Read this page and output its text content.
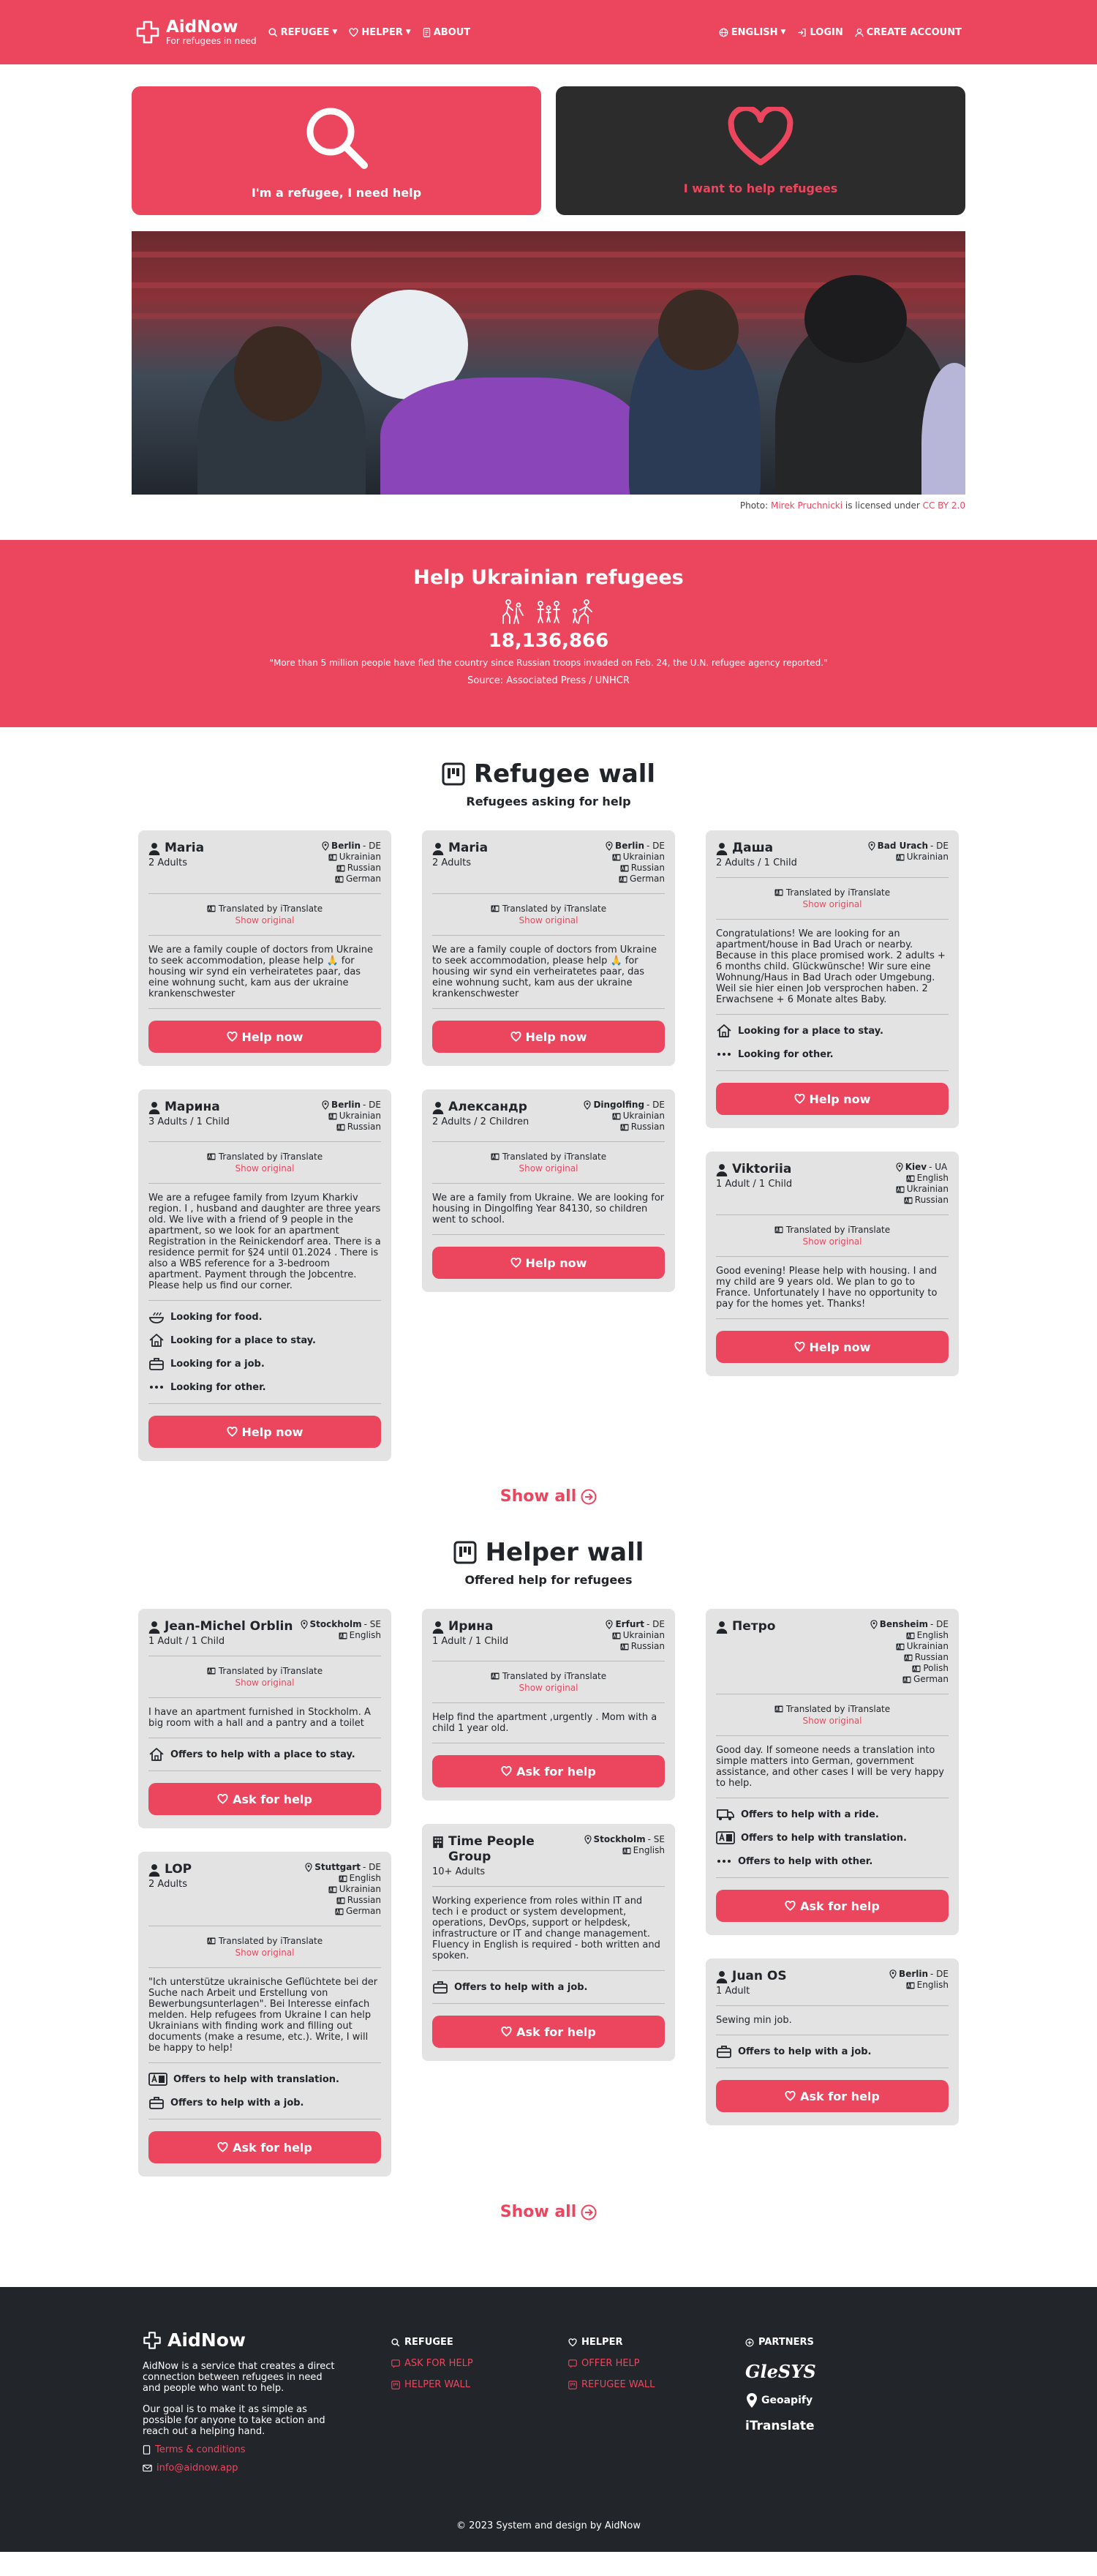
AidNow
For refugees in need
REFUGEE ▼	HELPER ▼ ABOUT	ENGLISH ▼	LOGIN CREATE ACCOUNT
I'm a refugee, I need help	I want to help refugees
Photo: Mirek Pruchnicki is licensed under CC BY 2.0
Help Ukrainian refugees
18,136,866
"More than 5 million people have fled the country since Russian troops invaded on Feb. 24, the U.N. refugee agency reported."
Source: Associated Press / UNHCR
Refugee wall
Refugees asking for help
Maria
2 Adults
Berlin - DE
Ukrainian
Russian
German
Translated by iTranslate
Show original
We are a family couple of doctors from Ukraine to seek accommodation, please help 🙏 for housing wir synd ein verheiratetes paar, das eine wohnung sucht, kam aus der ukraine krankenschwester
Help now
Марина
3 Adults / 1 Child
Berlin - DE
Ukrainian
Russian
Translated by iTranslate
Show original
We are a refugee family from Izyum Kharkiv region. I , husband and daughter are three years old. We live with a friend of 9 people in the apartment, so we look for an apartment Registration in the Reinickendorf area. There is a residence permit for §24 until 01.2024 . There is also a WBS reference for a 3-bedroom apartment. Payment through the Jobcentre. Please help us find our corner.
Looking for food.
Looking for a place to stay.
Looking for a job.
Looking for other.
Help now
Maria
2 Adults
Berlin - DE
Ukrainian
Russian
German
Translated by iTranslate
Show original
We are a family couple of doctors from Ukraine to seek accommodation, please help 🙏 for housing wir synd ein verheiratetes paar, das eine wohnung sucht, kam aus der ukraine krankenschwester
Help now
Александр
2 Adults / 2 Children
Dingolfing - DE
Ukrainian
Russian
Translated by iTranslate
Show original
We are a family from Ukraine. We are looking for housing in Dingolfing Year 84130, so children went to school.
Help now
Даша
2 Adults / 1 Child
Bad Urach - DE
Ukrainian
Translated by iTranslate
Show original
Congratulations! We are looking for an apartment/house in Bad Urach or nearby. Because in this place promised work. 2 adults + 6 months child. Glückwünsche! Wir sure eine Wohnung/Haus in Bad Urach oder Umgebung. Weil sie hier einen Job versprochen haben. 2 Erwachsene + 6 Monate altes Baby.
Looking for a place to stay.
Looking for other.
Help now
Viktoriia
1 Adult / 1 Child
Kiev - UA
English
Ukrainian
Russian
Translated by iTranslate
Show original
Good evening! Please help with housing. I and my child are 9 years old. We plan to go to France. Unfortunately I have no opportunity to pay for the homes yet. Thanks!
Help now
Show all
Helper wall
Offered help for refugees
Jean-Michel Orblin
1 Adult / 1 Child
Stockholm - SE
English
Translated by iTranslate
Show original
I have an apartment furnished in Stockholm. A big room with a hall and a pantry and a toilet
Offers to help with a place to stay.
Ask for help
LOP
2 Adults
Stuttgart - DE
English
Ukrainian
Russian
German
Translated by iTranslate
Show original
"Ich unterstütze ukrainische Geflüchtete bei der Suche nach Arbeit und Erstellung von Bewerbungsunterlagen". Bei Interesse einfach melden. Help refugees from Ukraine I can help Ukrainians with finding work and filling out documents (make a resume, etc.). Write, I will be happy to help!
Offers to help with translation.
Offers to help with a job.
Ask for help
Ирина
1 Adult / 1 Child
Erfurt - DE
Ukrainian
Russian
Translated by iTranslate
Show original
Help find the apartment ,urgently . Mom with a child 1 year old.
Ask for help
Time People Group
10+ Adults
Stockholm - SE
English
Working experience from roles within IT and tech i e product or system development, operations, DevOps, support or helpdesk, infrastructure or IT and change management. Fluency in English is required - both written and spoken.
Offers to help with a job.
Ask for help
Петро	Bensheim - DE
English
Ukrainian
Russian
Polish
German
Translated by iTranslate
Show original
Good day. If someone needs a translation into simple matters into German, government assistance, and other cases I will be very happy to help.
Offers to help with a ride.
Offers to help with translation.
Offers to help with other.
Ask for help
Juan OS
1 Adult
Berlin - DE
English
Sewing min job.
Offers to help with a job.
Ask for help
Show all
AidNow
AidNow is a service that creates a direct connection between refugees in need and people who want to help.
Our goal is to make it as simple as possible for anyone to take action and reach out a helping hand.
Terms & conditions
info@aidnow.app
REFUGEE
ASK FOR HELP
HELPER WALL
HELPER
OFFER HELP
REFUGEE WALL
PARTNERS
GleSYS
Geoapify
iTranslate
© 2023 System and design by AidNow
